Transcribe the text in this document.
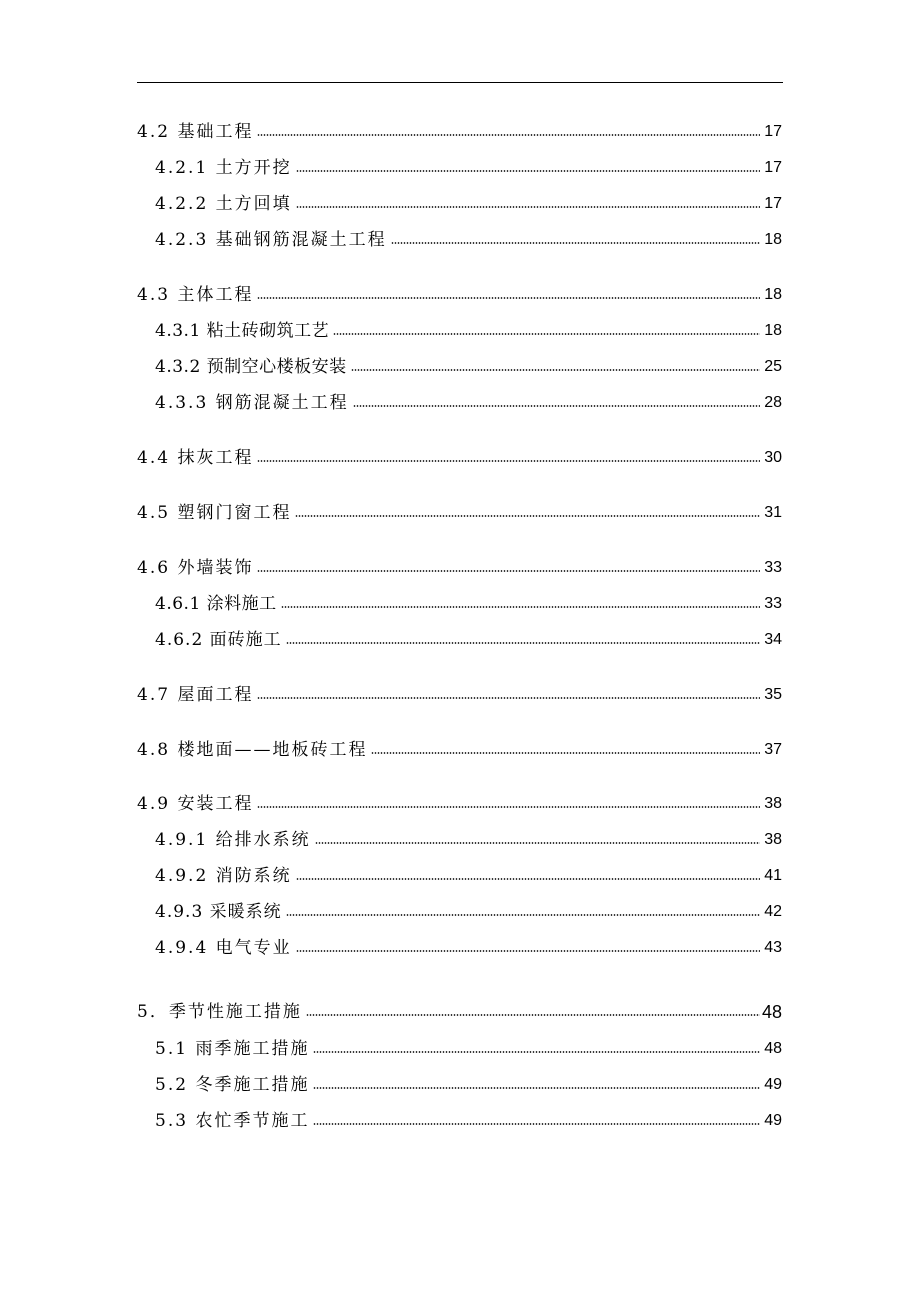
4.2 基础工程	17
4.2.1 土方开挖	17
4.2.2 土方回填	17
4.2.3 基础钢筋混凝土工程	18
4.3 主体工程	18
4.3.1 粘土砖砌筑工艺	18
4.3.2 预制空心楼板安装	25
4.3.3 钢筋混凝土工程	28
4.4 抹灰工程	30
4.5 塑钢门窗工程	31
4.6 外墙装饰	33
4.6.1 涂料施工	33
4.6.2 面砖施工	34
4.7 屋面工程	35
4.8 楼地面——地板砖工程	37
4.9 安装工程	38
4.9.1 给排水系统	38
4.9.2 消防系统	41
4.9.3 采暖系统	42
4.9.4 电气专业	43
5．季节性施工措施	48
5.1 雨季施工措施	48
5.2 冬季施工措施	49
5.3 农忙季节施工	49
